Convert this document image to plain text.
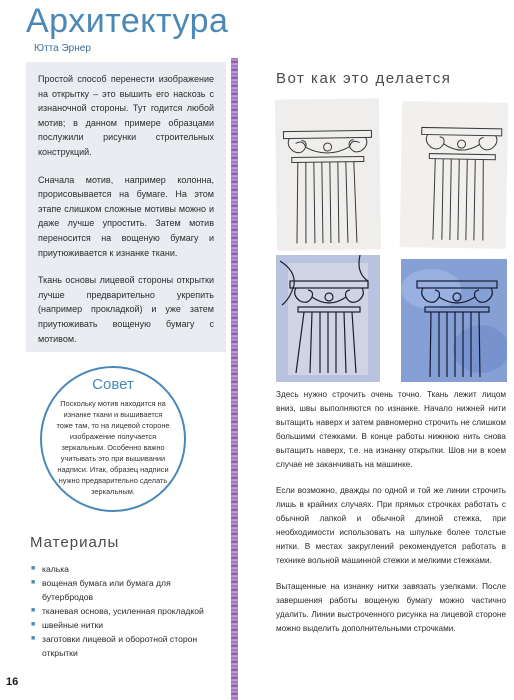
Архитектура
Ютта Эрнер

Простой способ перенести изображение на открытку – это вышить его наскозь с изнаночной стороны. Тут годится любой мотив; в данном примере образцами послужили рисунки строительных конструкций.

Сначала мотив, например колонна, прорисовывается на бумаге. На этом этапе слишком сложные мотивы можно и даже лучше упростить. Затем мотив переносится на вощеную бумагу и приутюживается к изнанке ткани.

Ткань основы лицевой стороны открытки лучше предварительно укрепить (например прокладкой) и уже затем приутюживать вощеную бумагу с мотивом.

Совет
Поскольку мотив находится на изнанке ткани и вышивается тоже там, то на лицевой стороне изображение получается зеркальным. Особенно важно учитывать это при вышивании надписи. Итак, образец надписи нужно предварительно сделать зеркальным.
Материалы
■ калька
■ вощеная бумага или бумага для бутербродов
■ тканевая основа, усиленная прокладкой
■ швейные нитки
■ заготовки лицевой и оборотной сторон открытки
16
Вот как это делается

Здесь нужно строчить очень точно. Ткань лежит лицом вниз, швы выполняются по изнанке. Начало нижней нити вытащить наверх и затем равномерно строчить не слишком большими стежками. В конце работы нижнюю нить снова вытащить наверх, т.е. на изнанку открытки. Шов ни в коем случае не заканчивать на машинке.

Если возможно, дважды по одной и той же линии строчить лишь в крайних случаях. При прямых строчках работать с обычной лапкой и обычной длиной стежка, при необходимости использовать на шпульке более толстые нитки. В местах закруглений рекомендуется работать в технике вольной машинной стежки и мелкими стежками.

Вытащенные на изнанку нитки завязать узелками. После завершения работы вощеную бумагу можно частично удалить. Линии выстроченного рисунка на лицевой стороне можно выделить дополнительными строчками.
